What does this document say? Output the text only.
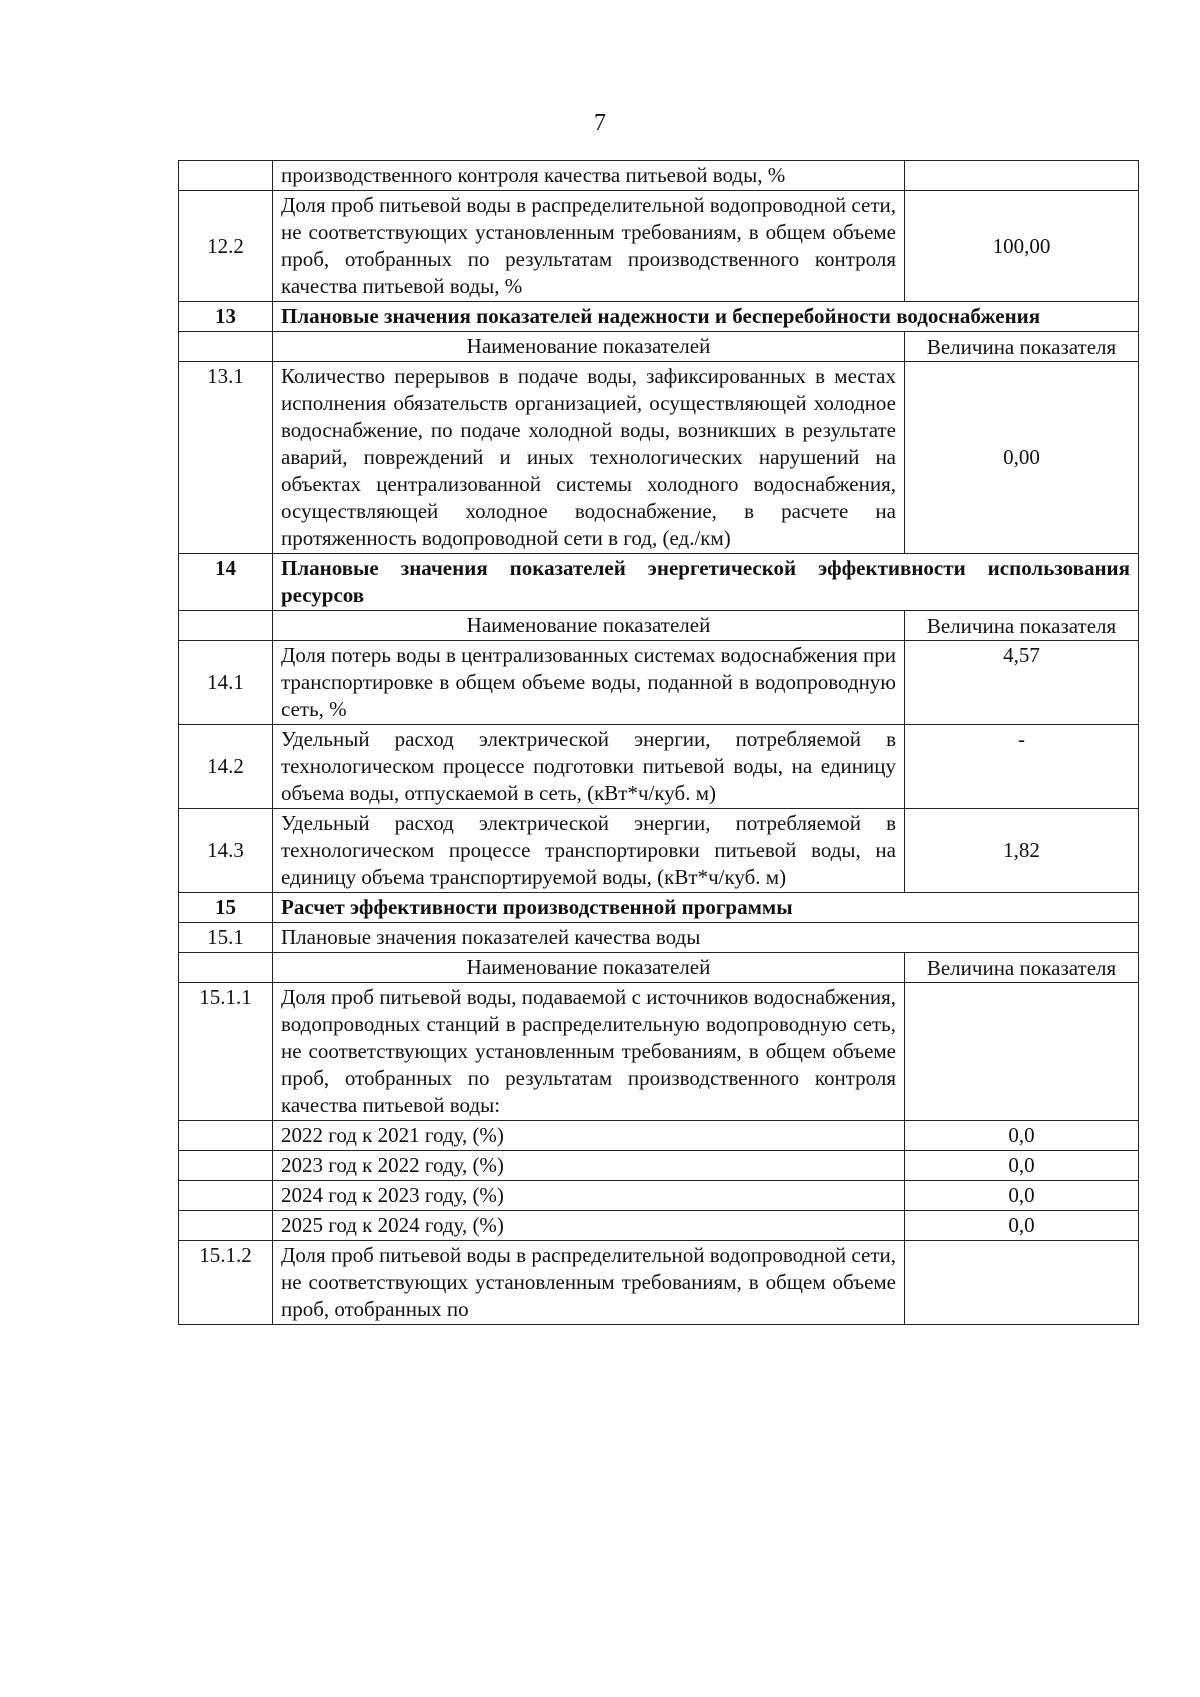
7
	производственного контроля качества питьевой воды, %	
12.2	Доля проб питьевой воды в распределительной водопроводной сети, не соответствующих установленным требованиям, в общем объеме проб, отобранных по результатам производственного контроля качества питьевой воды, %	100,00
13	Плановые значения показателей надежности и бесперебойности водоснабжения	
	Наименование показателей	Величина показателя
13.1	Количество перерывов в подаче воды, зафиксированных в местах исполнения обязательств организацией, осуществляющей холодное водоснабжение, по подаче холодной воды, возникших в результате аварий, повреждений и иных технологических нарушений на объектах централизованной системы холодного водоснабжения, осуществляющей холодное водоснабжение, в расчете на протяженность водопроводной сети в год, (ед./км)	0,00
14	Плановые значения показателей энергетической эффективности использования ресурсов	
	Наименование показателей	Величина показателя
14.1	Доля потерь воды в централизованных системах водоснабжения при транспортировке в общем объеме воды, поданной в водопроводную сеть, %	4,57
14.2	Удельный расход электрической энергии, потребляемой в технологическом процессе подготовки питьевой воды, на единицу объема воды, отпускаемой в сеть, (кВт*ч/куб. м)	-
14.3	Удельный расход электрической энергии, потребляемой в технологическом процессе транспортировки питьевой воды, на единицу объема транспортируемой воды, (кВт*ч/куб. м)	1,82
15	Расчет эффективности производственной программы	
15.1	Плановые значения показателей качества воды	
	Наименование показателей	Величина показателя
15.1.1	Доля проб питьевой воды, подаваемой с источников водоснабжения, водопроводных станций в распределительную водопроводную сеть, не соответствующих установленным требованиям, в общем объеме проб, отобранных по результатам производственного контроля качества питьевой воды:	
	2022 год к 2021 году, (%)	0,0
	2023 год к 2022 году, (%)	0,0
	2024 год к 2023 году, (%)	0,0
	2025 год к 2024 году, (%)	0,0
15.1.2	Доля проб питьевой воды в распределительной водопроводной сети, не соответствующих установленным требованиям, в общем объеме проб, отобранных по	
